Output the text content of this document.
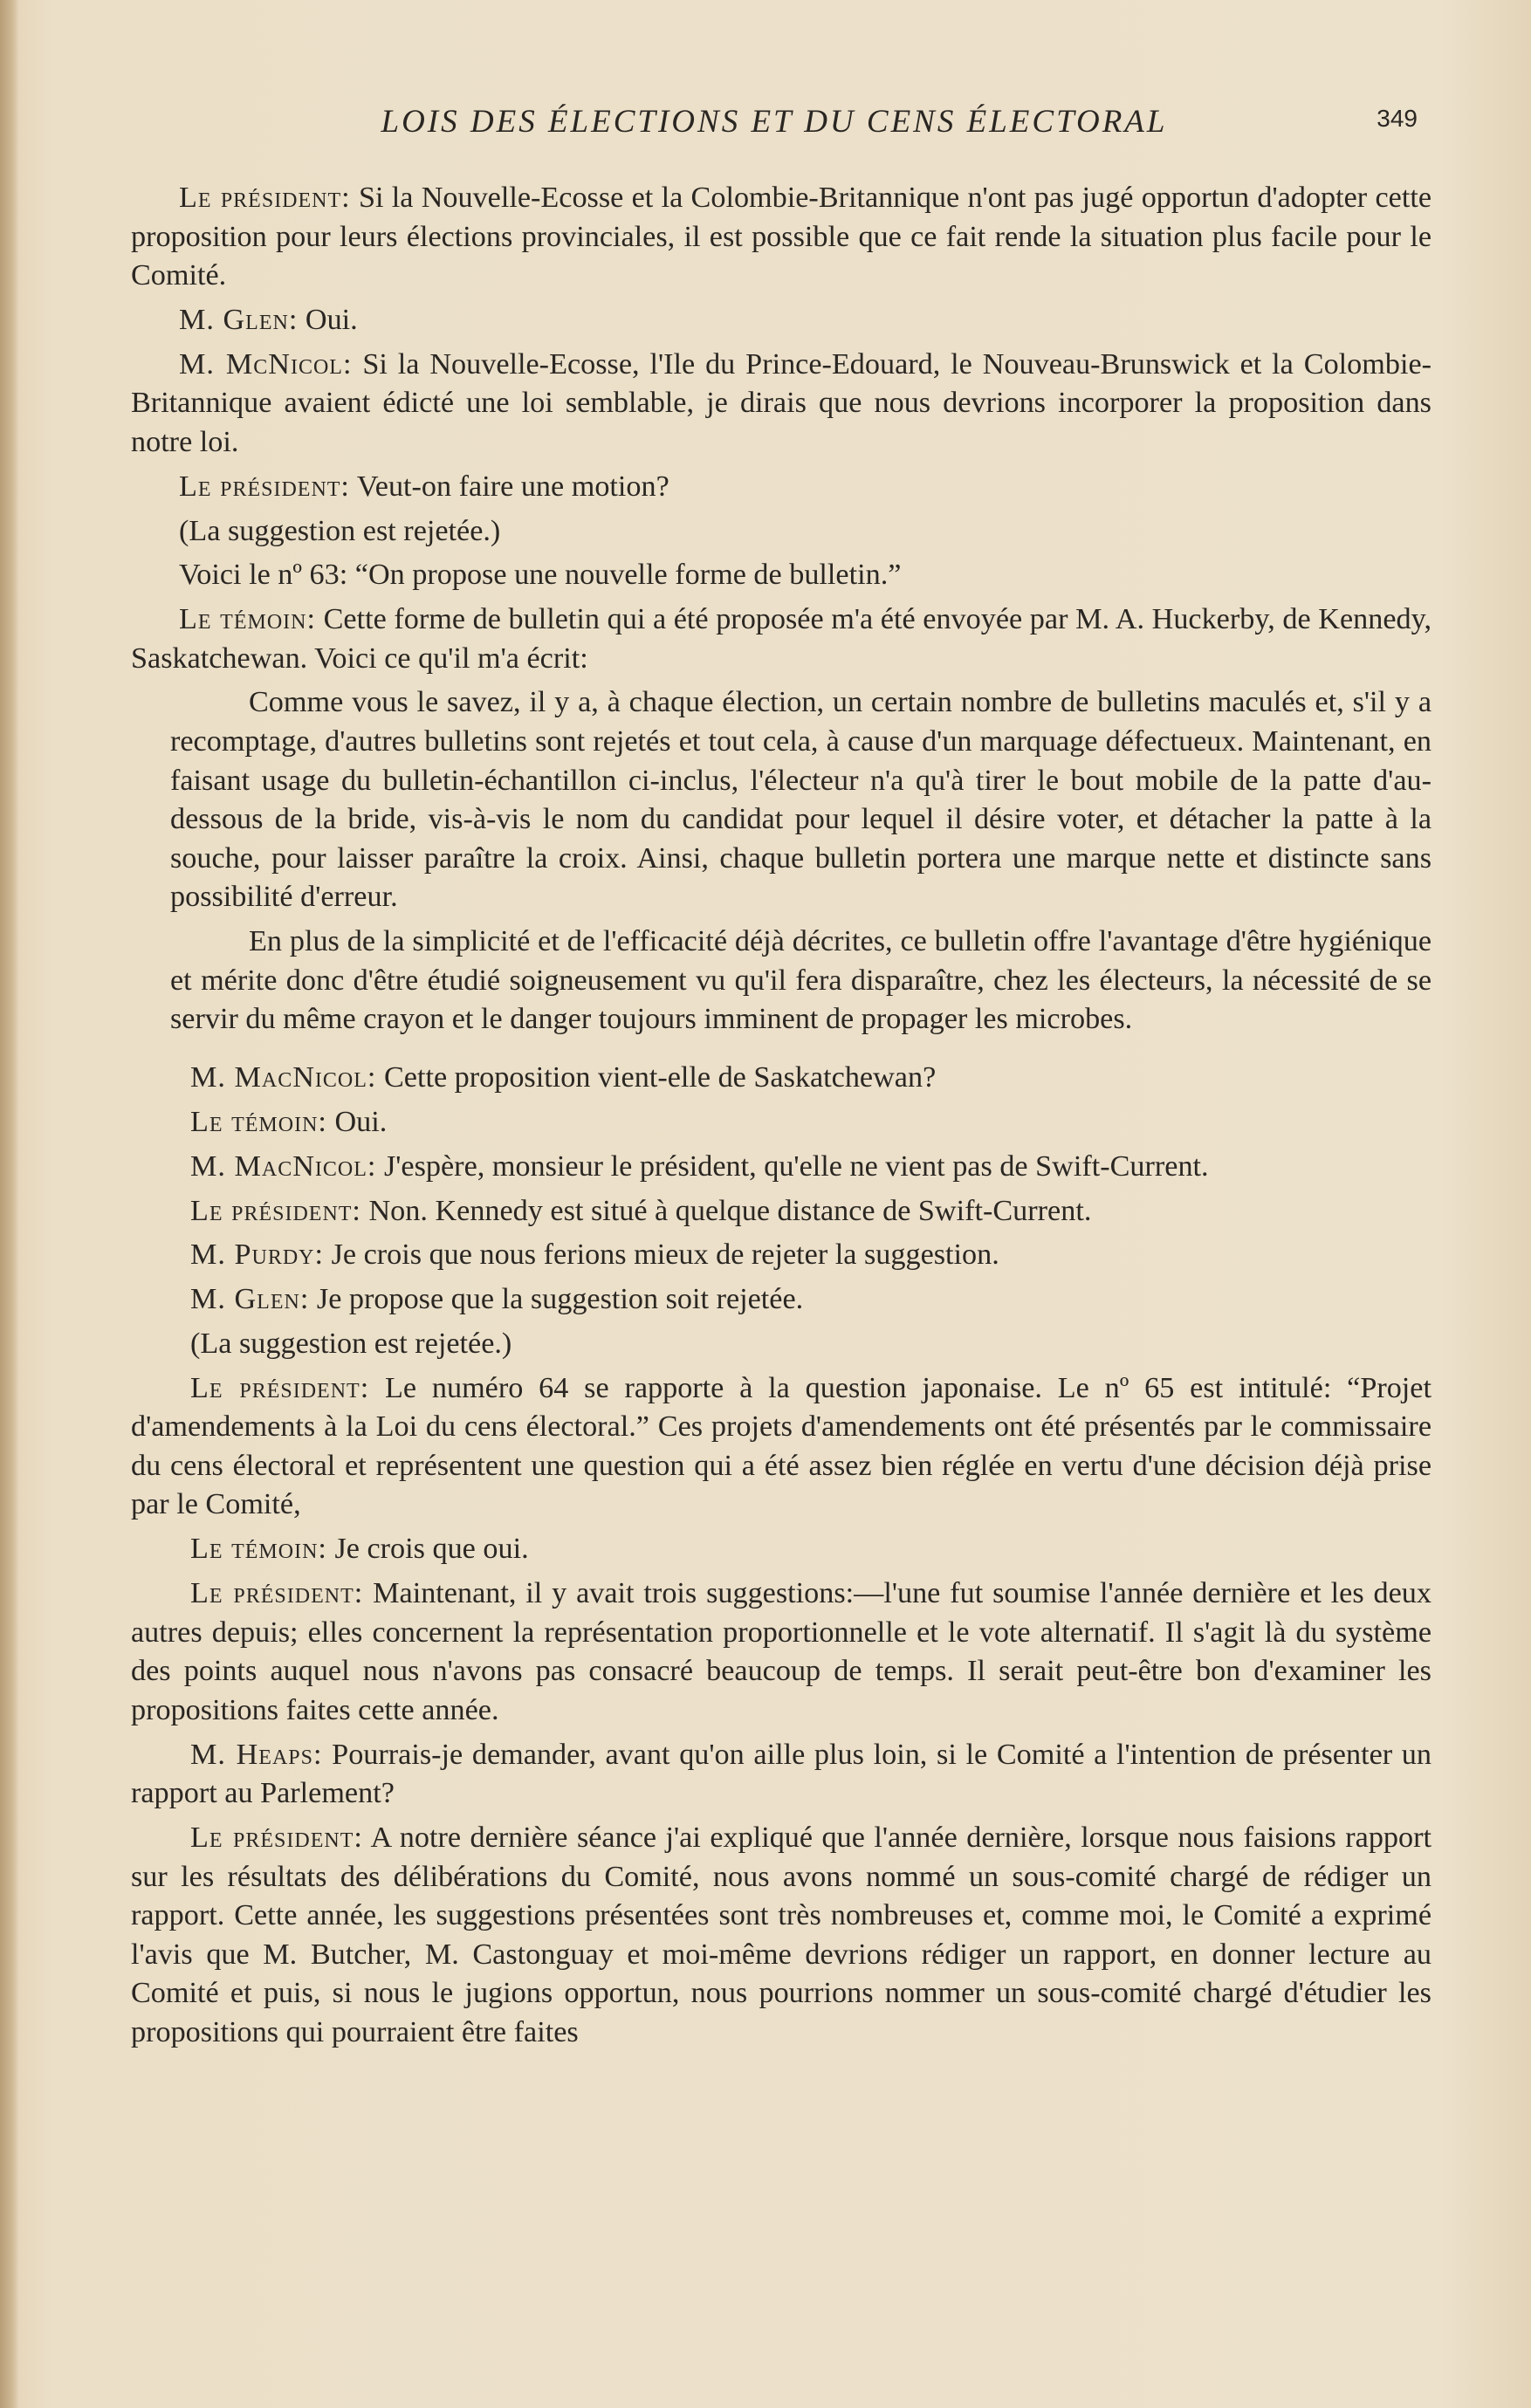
LOIS DES ÉLECTIONS ET DU CENS ÉLECTORAL	349

Le président: Si la Nouvelle-Ecosse et la Colombie-Britannique n'ont pas jugé opportun d'adopter cette proposition pour leurs élections provinciales, il est possible que ce fait rende la situation plus facile pour le Comité.

M. Glen: Oui.

M. McNicol: Si la Nouvelle-Ecosse, l'Ile du Prince-Edouard, le Nouveau-Brunswick et la Colombie-Britannique avaient édicté une loi semblable, je dirais que nous devrions incorporer la proposition dans notre loi.

Le président: Veut-on faire une motion?

(La suggestion est rejetée.)

Voici le nº 63: “On propose une nouvelle forme de bulletin.”

Le témoin: Cette forme de bulletin qui a été proposée m'a été envoyée par M. A. Huckerby, de Kennedy, Saskatchewan. Voici ce qu'il m'a écrit:

Comme vous le savez, il y a, à chaque élection, un certain nombre de bulletins maculés et, s'il y a recomptage, d'autres bulletins sont rejetés et tout cela, à cause d'un marquage défectueux. Maintenant, en faisant usage du bulletin-échantillon ci-inclus, l'électeur n'a qu'à tirer le bout mobile de la patte d'au-dessous de la bride, vis-à-vis le nom du candidat pour lequel il désire voter, et détacher la patte à la souche, pour laisser paraître la croix. Ainsi, chaque bulletin portera une marque nette et distincte sans possibilité d'erreur.

En plus de la simplicité et de l'efficacité déjà décrites, ce bulletin offre l'avantage d'être hygiénique et mérite donc d'être étudié soigneusement vu qu'il fera disparaître, chez les électeurs, la nécessité de se servir du même crayon et le danger toujours imminent de propager les microbes.

M. MacNicol: Cette proposition vient-elle de Saskatchewan?

Le témoin: Oui.

M. MacNicol: J'espère, monsieur le président, qu'elle ne vient pas de Swift-Current.

Le président: Non. Kennedy est situé à quelque distance de Swift-Current.

M. Purdy: Je crois que nous ferions mieux de rejeter la suggestion.

M. Glen: Je propose que la suggestion soit rejetée.

(La suggestion est rejetée.)

Le président: Le numéro 64 se rapporte à la question japonaise. Le nº 65 est intitulé: “Projet d'amendements à la Loi du cens électoral.” Ces projets d'amendements ont été présentés par le commissaire du cens électoral et représentent une question qui a été assez bien réglée en vertu d'une décision déjà prise par le Comité,

Le témoin: Je crois que oui.

Le président: Maintenant, il y avait trois suggestions:—l'une fut soumise l'année dernière et les deux autres depuis; elles concernent la représentation proportionnelle et le vote alternatif. Il s'agit là du système des points auquel nous n'avons pas consacré beaucoup de temps. Il serait peut-être bon d'examiner les propositions faites cette année.

M. Heaps: Pourrais-je demander, avant qu'on aille plus loin, si le Comité a l'intention de présenter un rapport au Parlement?

Le président: A notre dernière séance j'ai expliqué que l'année dernière, lorsque nous faisions rapport sur les résultats des délibérations du Comité, nous avons nommé un sous-comité chargé de rédiger un rapport. Cette année, les suggestions présentées sont très nombreuses et, comme moi, le Comité a exprimé l'avis que M. Butcher, M. Castonguay et moi-même devrions rédiger un rapport, en donner lecture au Comité et puis, si nous le jugions opportun, nous pourrions nommer un sous-comité chargé d'étudier les propositions qui pourraient être faites
